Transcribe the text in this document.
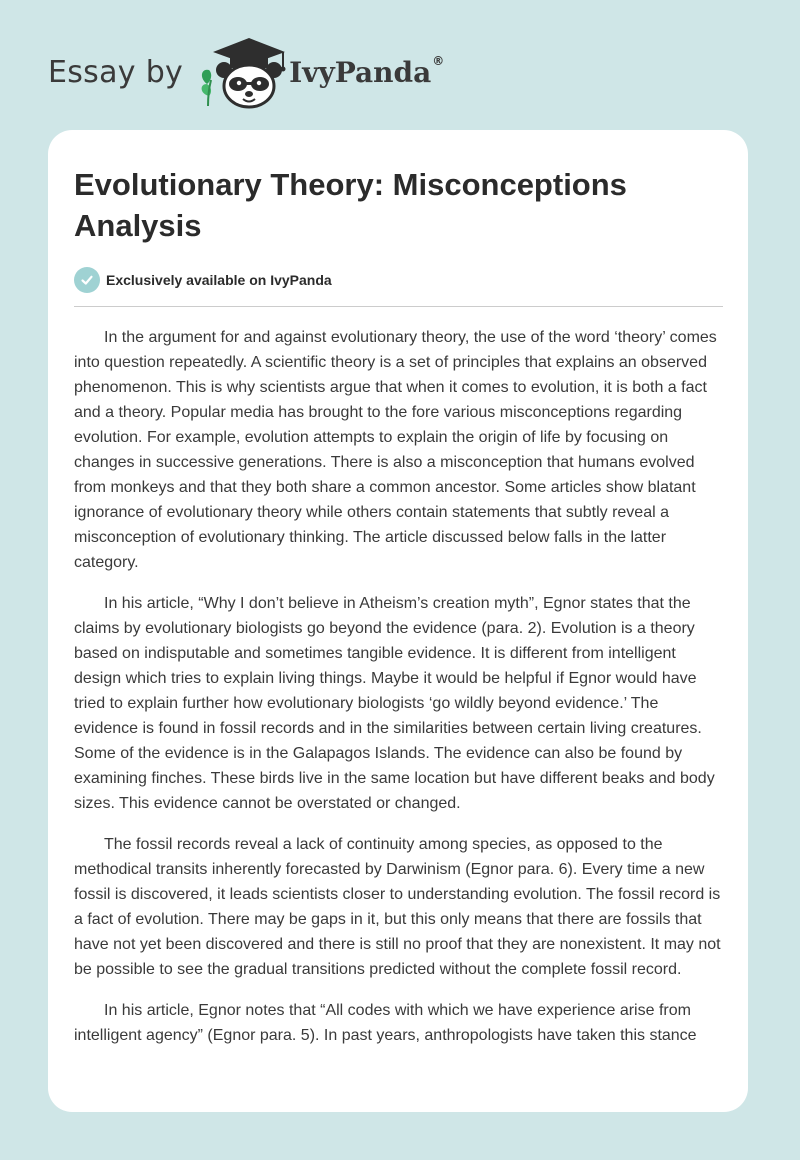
Essay by	IvyPanda®
Evolutionary Theory: Misconceptions Analysis
Exclusively available on IvyPanda

In the argument for and against evolutionary theory, the use of the word ‘theory’ comes into question repeatedly. A scientific theory is a set of principles that explains an observed phenomenon. This is why scientists argue that when it comes to evolution, it is both a fact and a theory. Popular media has brought to the fore various misconceptions regarding evolution. For example, evolution attempts to explain the origin of life by focusing on changes in successive generations. There is also a misconception that humans evolved from monkeys and that they both share a common ancestor. Some articles show blatant ignorance of evolutionary theory while others contain statements that subtly reveal a misconception of evolutionary thinking. The article discussed below falls in the latter category.

In his article, “Why I don’t believe in Atheism’s creation myth”, Egnor states that the claims by evolutionary biologists go beyond the evidence (para. 2). Evolution is a theory based on indisputable and sometimes tangible evidence. It is different from intelligent design which tries to explain living things. Maybe it would be helpful if Egnor would have tried to explain further how evolutionary biologists ‘go wildly beyond evidence.’ The evidence is found in fossil records and in the similarities between certain living creatures. Some of the evidence is in the Galapagos Islands. The evidence can also be found by examining finches. These birds live in the same location but have different beaks and body sizes. This evidence cannot be overstated or changed.

The fossil records reveal a lack of continuity among species, as opposed to the methodical transits inherently forecasted by Darwinism (Egnor para. 6). Every time a new fossil is discovered, it leads scientists closer to understanding evolution. The fossil record is a fact of evolution. There may be gaps in it, but this only means that there are fossils that have not yet been discovered and there is still no proof that they are nonexistent. It may not be possible to see the gradual transitions predicted without the complete fossil record.

In his article, Egnor notes that “All codes with which we have experience arise from intelligent agency” (Egnor para. 5). In past years, anthropologists have taken this stance
